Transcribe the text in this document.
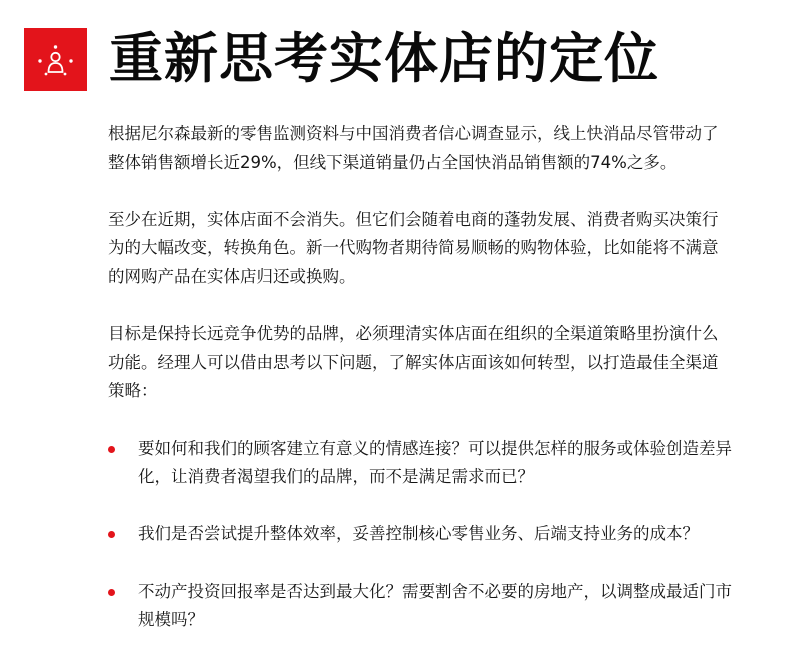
重新思考实体店的定位

根据尼尔森最新的零售监测资料与中国消费者信心调查显示，线上快消品尽管带动了
整体销售额增长近29%，但线下渠道销量仍占全国快消品销售额的74%之多。

至少在近期，实体店面不会消失。但它们会随着电商的蓬勃发展、消费者购买决策行
为的大幅改变，转换角色。新一代购物者期待简易顺畅的购物体验，比如能将不满意
的网购产品在实体店归还或换购。

目标是保持长远竞争优势的品牌，必须理清实体店面在组织的全渠道策略里扮演什么
功能。经理人可以借由思考以下问题，了解实体店面该如何转型，以打造最佳全渠道
策略：

要如何和我们的顾客建立有意义的情感连接？可以提供怎样的服务或体验创造差异
化，让消费者渴望我们的品牌，而不是满足需求而已？
我们是否尝试提升整体效率，妥善控制核心零售业务、后端支持业务的成本？
不动产投资回报率是否达到最大化？需要割舍不必要的房地产，以调整成最适门市
规模吗？
